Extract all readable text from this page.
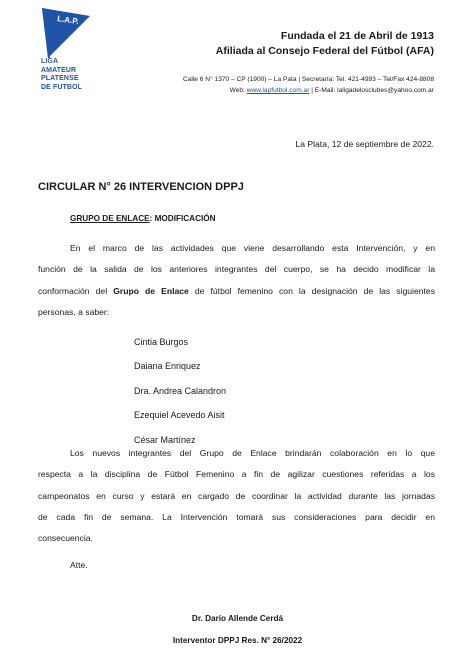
L.A.P.
LIGA
AMATEUR
PLATENSE
DE FUTBOL
Fundada el 21 de Abril de 1913
Afiliada al Consejo Federal del Fútbol (AFA)
Calle 6 N° 1370 – CP (1900) – La Pata | Secretaría: Tel. 421-4993 – Tel/Fax 424-8808
Web: www.lapfutbol.com.ar | E-Mail: laligadelosclubes@yahoo.com.ar
La Plata, 12 de septiembre de 2022.
CIRCULAR N° 26 INTERVENCION DPPJ
GRUPO DE ENLACE: MODIFICACIÓN
En el marco de las actividades que viene desarrollando esta Intervención, y en
función de la salida de los anteriores integrantes del cuerpo, se ha decido modificar la
conformación del Grupo de Enlace de fútbol femenino con la designación de las siguientes
personas, a saber:
Cintia Burgos
Daiana Enriquez
Dra. Andrea Calandron
Ezequiel Acevedo Aisit
César Martínez
Los nuevos integrantes del Grupo de Enlace brindarán colaboración en lo que
respecta a la disciplina de Fútbol Femenino a fin de agilizar cuestiones referidas a los
campeonatos en curso y estará en cargado de coordinar la actividad durante las jornadas
de cada fin de semana. La Intervención tomará sus consideraciones para decidir en
consecuencia.
Atte.
Dr. Darío Allende Cerdá
Interventor DPPJ Res. N° 26/2022
